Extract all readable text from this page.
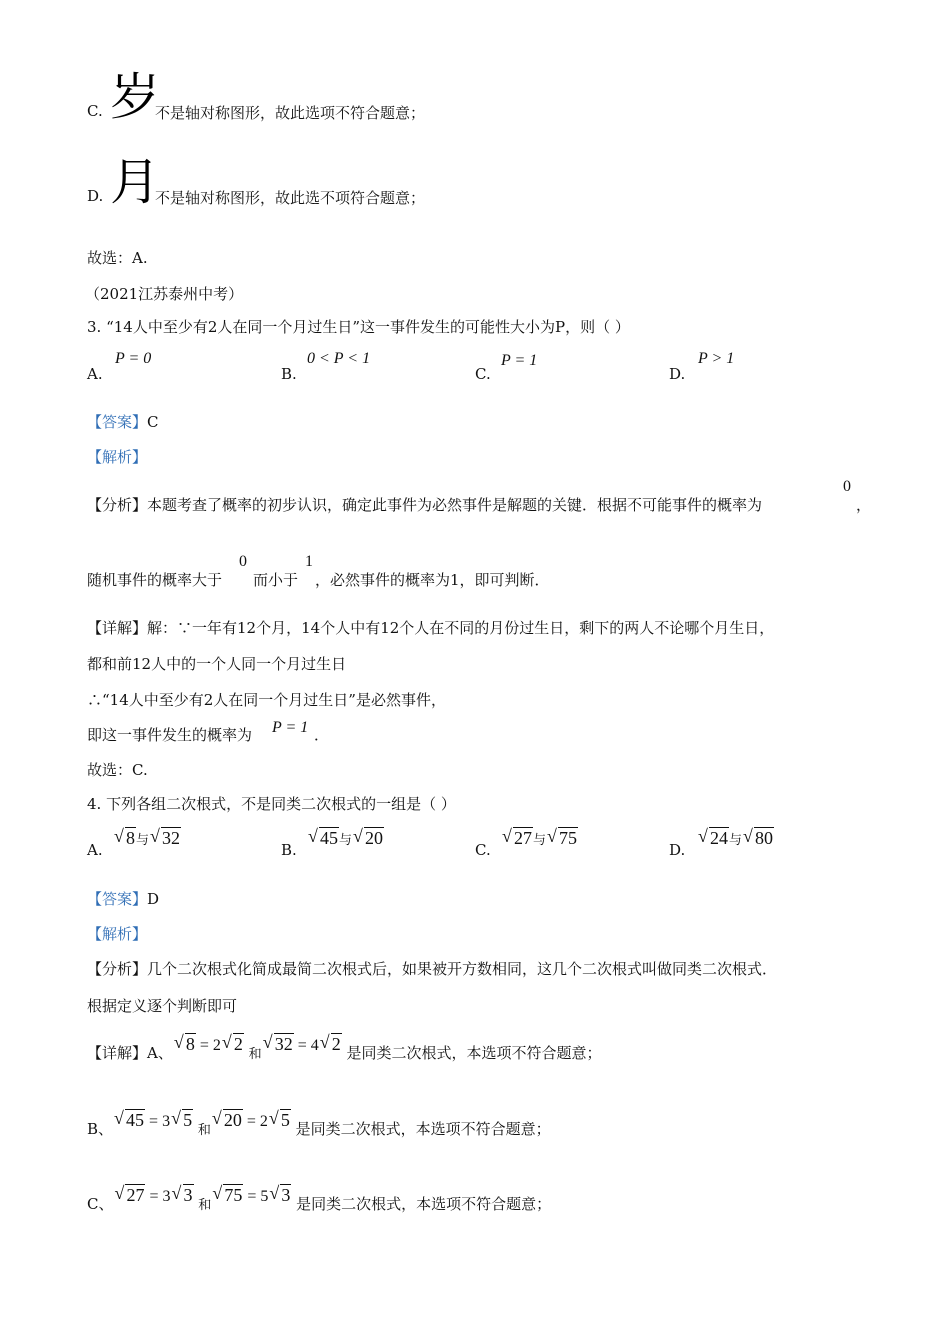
C. 岁
不是轴对称图形，故此选项不符合题意；
D. 月
不是轴对称图形，故此选不项符合题意；
故选：A.
（2021江苏泰州中考）
3. “14人中至少有2人在同一个月过生日”这一事件发生的可能性大小为P，则（ ）
A.
P = 0
B.
0 < P < 1
C.
P = 1
D.
P > 1
【答案】C
【解析】
【分析】本题考查了概率的初步认识，确定此事件为必然事件是解题的关键．根据不可能事件的概率为
0
，
随机事件的概率大于
0
而小于
1
，必然事件的概率为1，即可判断．
【详解】解：∵一年有12个月，14个人中有12个人在不同的月份过生日，剩下的两人不论哪个月生日，
都和前12人中的一个人同一个月过生日
∴“14人中至少有2人在同一个月过生日”是必然事件，
即这一事件发生的概率为 P = 1 ．
故选：C.
4. 下列各组二次根式，不是同类二次根式的一组是（ ）
A.
√ 8与 √ 32
B.
√ 45与 √ 20
C.
√ 27与 √ 75
D.
√ 24与 √ 80
【答案】D
【解析】
【分析】几个二次根式化简成最简二次根式后，如果被开方数相同，这几个二次根式叫做同类二次根式．
根据定义逐个判断即可
【详解】A、 √ 8 = 2 √ 2 和√ 32 = 4 √ 2 是同类二次根式，本选项不符合题意；
B、 √ 45 = 3 √ 5 和√ 20 = 2 √ 5 是同类二次根式，本选项不符合题意；
C、 √ 27 = 3 √ 3 和√ 75 = 5 √ 3 是同类二次根式，本选项不符合题意；
